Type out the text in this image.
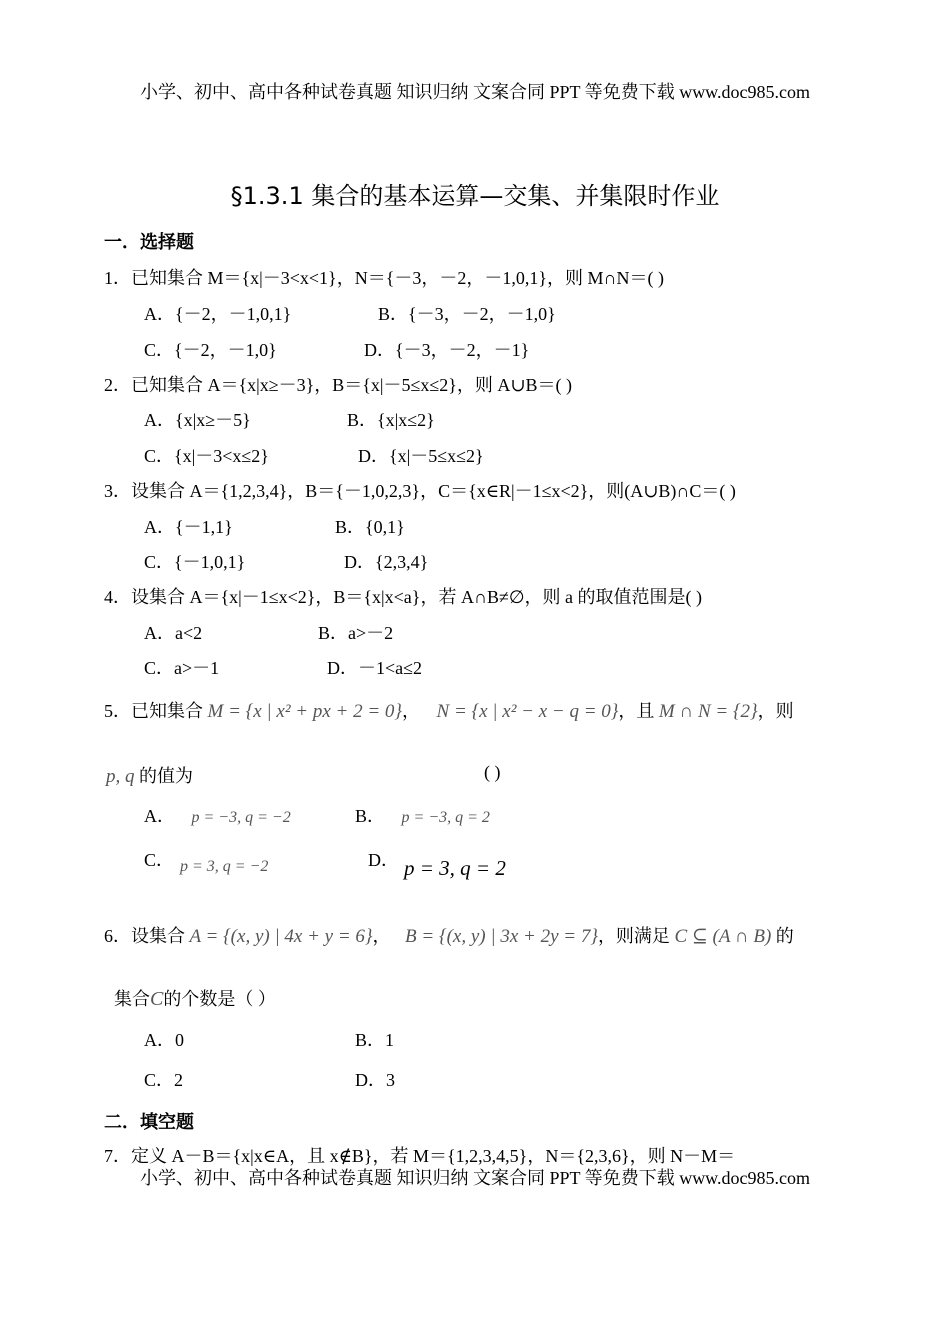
小学、初中、高中各种试卷真题 知识归纳 文案合同 PPT 等免费下载 www.doc985.com
§1.3.1 集合的基本运算—交集、并集限时作业
一．选择题
1．已知集合 M＝{x|－3<x<1}，N＝{－3，－2，－1,0,1}，则 M∩N＝( )
A．{－2，－1,0,1}	B．{－3，－2，－1,0}
C．{－2，－1,0}	D．{－3，－2，－1}
2．已知集合 A＝{x|x≥－3}，B＝{x|－5≤x≤2}，则 A∪B＝( )
A．{x|x≥－5}	B．{x|x≤2}
C．{x|－3<x≤2}	D．{x|－5≤x≤2}
3．设集合 A＝{1,2,3,4}，B＝{－1,0,2,3}，C＝{x∈R|－1≤x<2}，则(A∪B)∩C＝( )
A．{－1,1}	B．{0,1}
C．{－1,0,1}	D．{2,3,4}
4．设集合 A＝{x|－1≤x<2}，B＝{x|x<a}，若 A∩B≠∅，则 a 的取值范围是( )
A．a<2	B．a>－2
C．a>－1	D．－1<a≤2
5．已知集合 M = {x | x² + px + 2 = 0}， N = {x | x² − x − q = 0}，且 M ∩ N = {2}，则
p, q 的值为	( )
A． p = −3, q = −2	B． p = −3, q = 2
C． p = 3, q = −2	D． p = 3, q = 2
6．设集合 A = {(x, y) | 4x + y = 6}， B = {(x, y) | 3x + 2y = 7}，则满足 C ⊆ (A ∩ B) 的
集合C的个数是（ ）
A．0	B．1
C．2	D．3
二．填空题
7．定义 A－B＝{x|x∈A，且 x∉B}，若 M＝{1,2,3,4,5}，N＝{2,3,6}，则 N－M＝
小学、初中、高中各种试卷真题 知识归纳 文案合同 PPT 等免费下载 www.doc985.com
